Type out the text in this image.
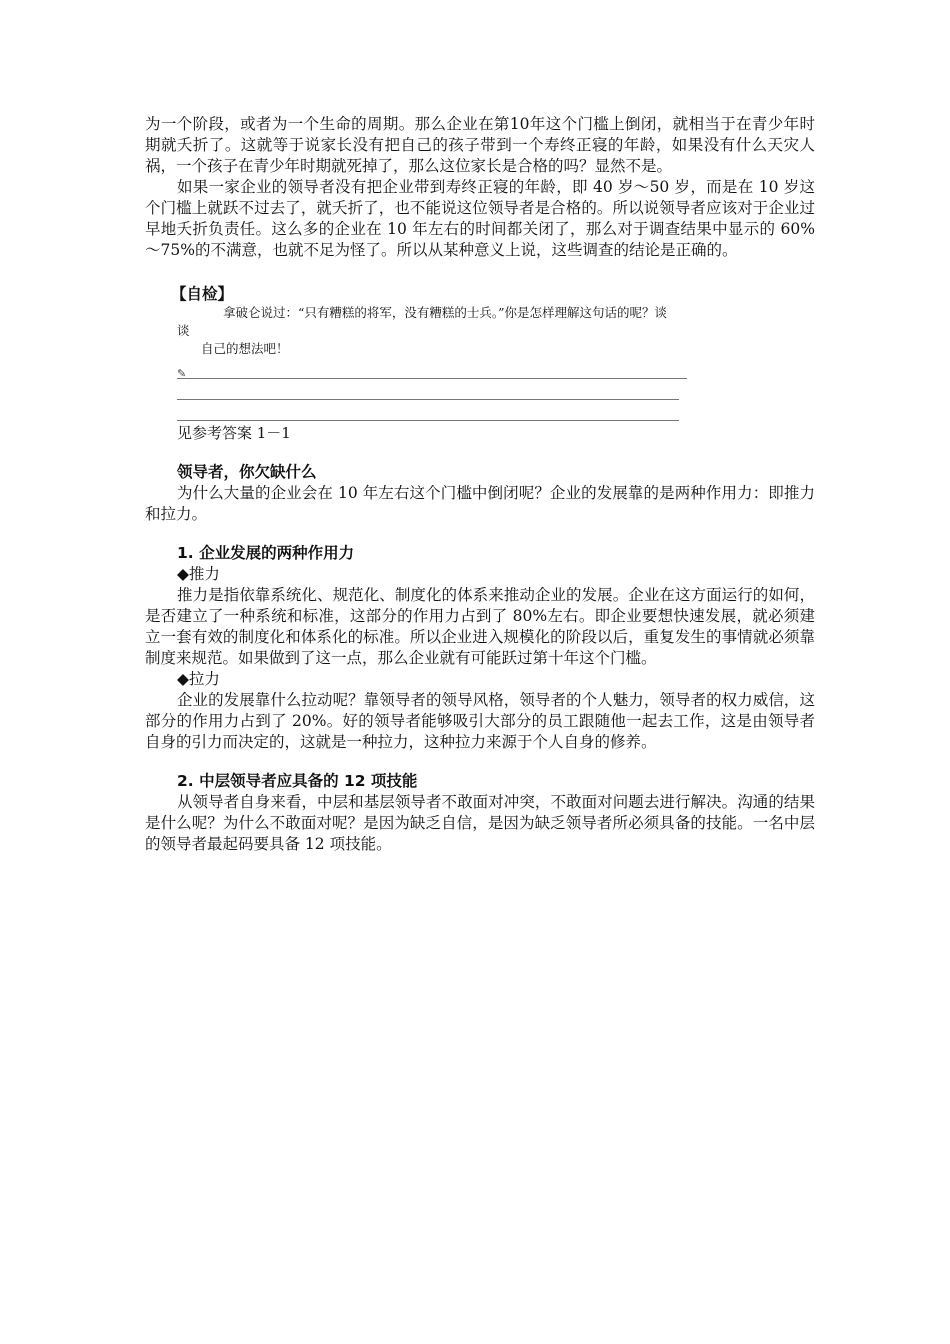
为一个阶段，或者为一个生命的周期。那么企业在第10年这个门槛上倒闭，就相当于在青少年时期就夭折了。这就等于说家长没有把自己的孩子带到一个寿终正寝的年龄，如果没有什么天灾人祸，一个孩子在青少年时期就死掉了，那么这位家长是合格的吗？显然不是。

如果一家企业的领导者没有把企业带到寿终正寝的年龄，即 40 岁～50 岁，而是在 10 岁这个门槛上就跃不过去了，就夭折了，也不能说这位领导者是合格的。所以说领导者应该对于企业过早地夭折负责任。这么多的企业在 10 年左右的时间都关闭了，那么对于调查结果中显示的 60%～75%的不满意，也就不足为怪了。所以从某种意义上说，这些调查的结论是正确的。

【自检】
拿破仑说过：“只有糟糕的将军，没有糟糕的士兵。”你是怎样理解这句话的呢？谈谈
自己的想法吧！
✎
见参考答案 1－1
领导者，你欠缺什么

为什么大量的企业会在 10 年左右这个门槛中倒闭呢？企业的发展靠的是两种作用力：即推力和拉力。

1. 企业发展的两种作用力
◆推力

推力是指依靠系统化、规范化、制度化的体系来推动企业的发展。企业在这方面运行的如何，是否建立了一种系统和标准，这部分的作用力占到了 80%左右。即企业要想快速发展，就必须建立一套有效的制度化和体系化的标准。所以企业进入规模化的阶段以后，重复发生的事情就必须靠制度来规范。如果做到了这一点，那么企业就有可能跃过第十年这个门槛。

◆拉力

企业的发展靠什么拉动呢？靠领导者的领导风格，领导者的个人魅力，领导者的权力威信，这部分的作用力占到了 20%。好的领导者能够吸引大部分的员工跟随他一起去工作，这是由领导者自身的引力而决定的，这就是一种拉力，这种拉力来源于个人自身的修养。

2. 中层领导者应具备的 12 项技能

从领导者自身来看，中层和基层领导者不敢面对冲突，不敢面对问题去进行解决。沟通的结果是什么呢？为什么不敢面对呢？是因为缺乏自信，是因为缺乏领导者所必须具备的技能。一名中层的领导者最起码要具备 12 项技能。
